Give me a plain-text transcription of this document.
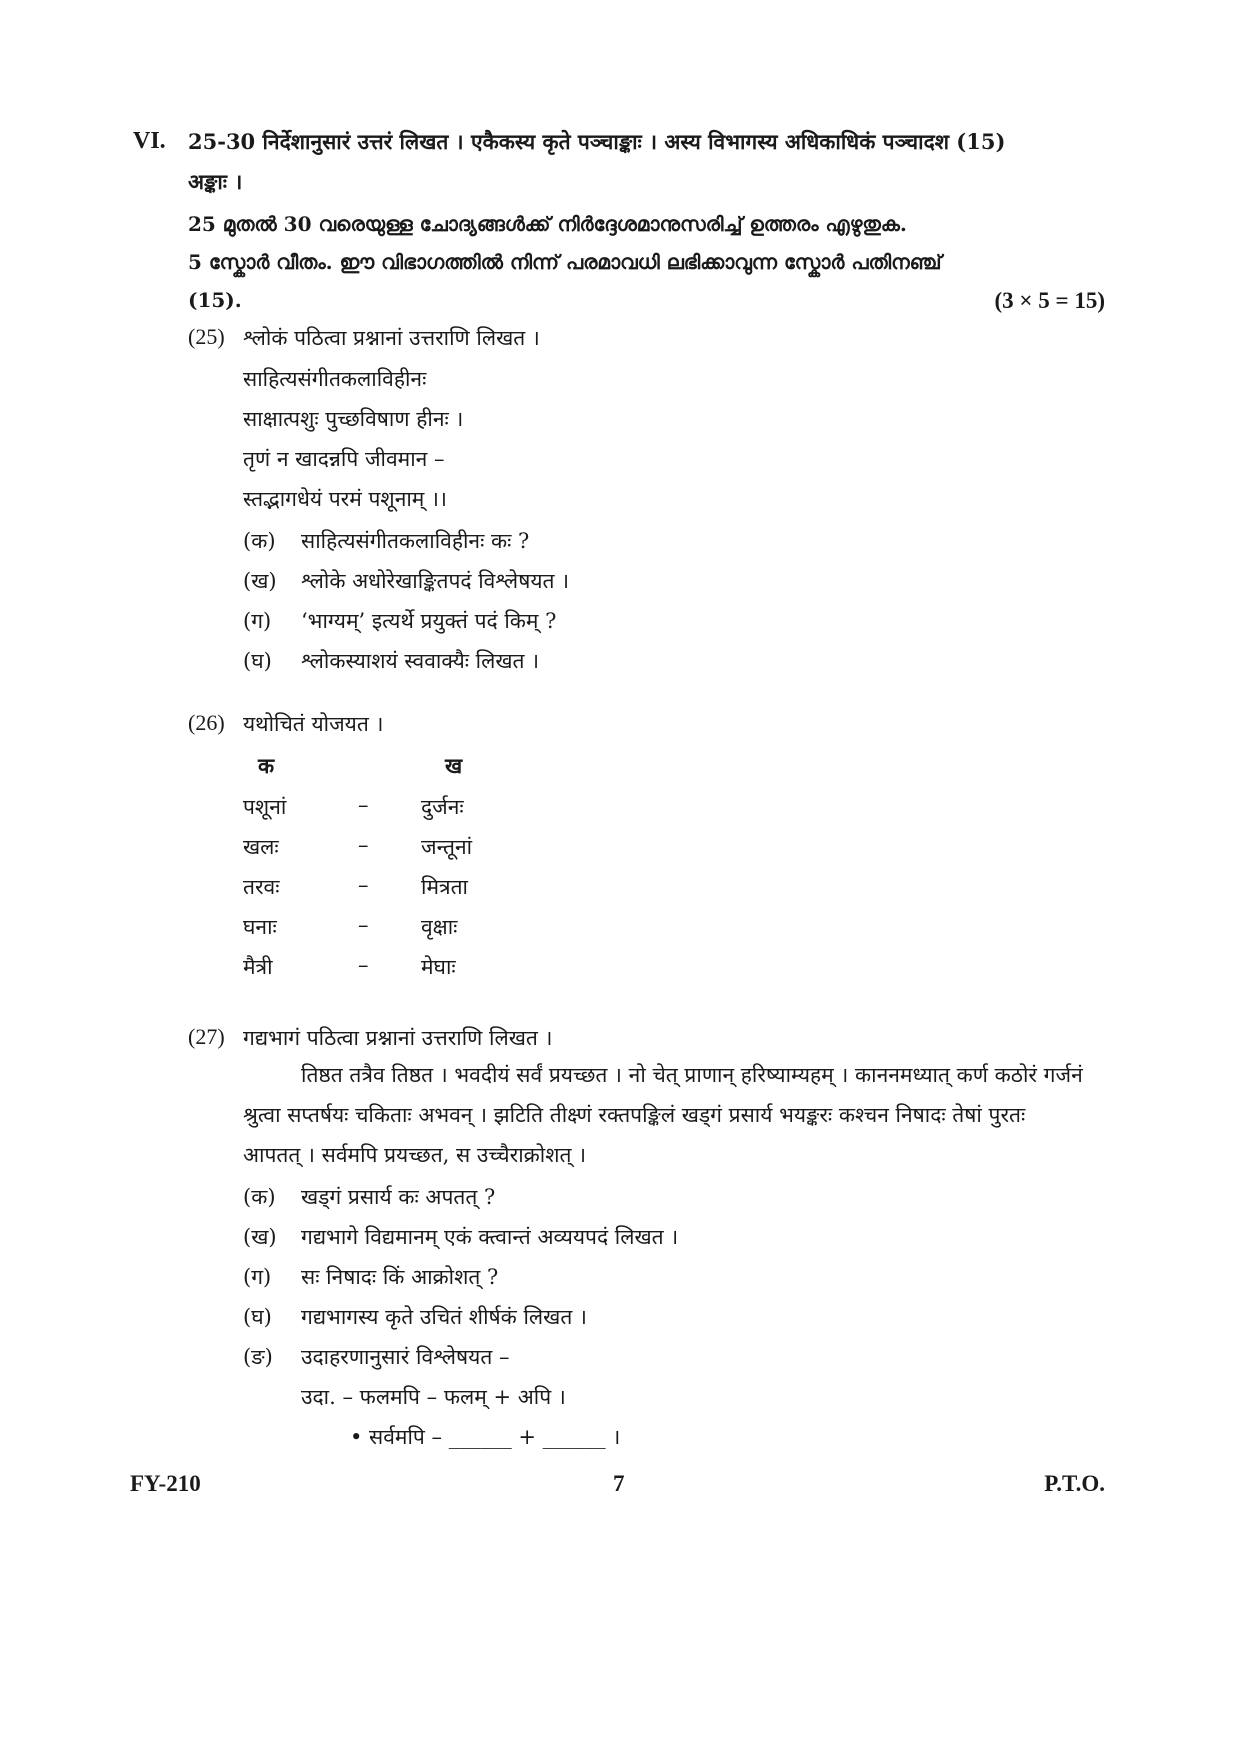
VI. 25-30 निर्देशानुसारं उत्तरं लिखत । एकैकस्य कृते पञ्चाङ्काः । अस्य विभागस्य अधिकाधिकं पञ्चादश (15)
अङ्काः ।
25 മുതൽ 30 വരെയുള്ള ചോദ്യങ്ങൾക്ക് നിർദ്ദേശമാനുസരിച്ച് ഉത്തരം എഴുതുക.
5 സ്കോർ വീതം. ഈ വിഭാഗത്തിൽ നിന്ന് പരമാവധി ലഭിക്കാവുന്ന സ്കോർ പതിനഞ്ച്
(15).	(3 × 5 = 15)
(25) श्लोकं पठित्वा प्रश्नानां उत्तराणि लिखत ।
साहित्यसंगीतकलाविहीनः
साक्षात्पशुः पुच्छविषाण हीनः ।
तृणं न खादन्नपि जीवमान –
स्तद्भागधेयं परमं पशूनाम् ।।
(क) साहित्यसंगीतकलाविहीनः कः ?
(ख) श्लोके अधोरेखाङ्कितपदं विश्लेषयत ।
(ग) ‘भाग्यम्’ इत्यर्थे प्रयुक्तं पदं किम् ?
(घ) श्लोकस्याशयं स्ववाक्यैः लिखत ।
(26) यथोचितं योजयत ।
क	ख
पशूनां	–	दुर्जनः
खलः	–	जन्तूनां
तरवः	–	मित्रता
घनाः	–	वृक्षाः
मैत्री	–	मेघाः
(27) गद्यभागं पठित्वा प्रश्नानां उत्तराणि लिखत ।

तिष्ठत तत्रैव तिष्ठत । भवदीयं सर्वं प्रयच्छत । नो चेत् प्राणान् हरिष्याम्यहम् । काननमध्यात् कर्ण कठोरं गर्जनं श्रुत्वा सप्तर्षयः चकिताः अभवन् । झटिति तीक्ष्णं रक्तपङ्किलं खड्गं प्रसार्य भयङ्करः कश्चन निषादः तेषां पुरतः आपतत् । सर्वमपि प्रयच्छत, स उच्चैराक्रोशत् ।

(क) खड्गं प्रसार्य कः अपतत् ?
(ख) गद्यभागे विद्यमानम् एकं क्त्वान्तं अव्ययपदं लिखत ।
(ग) सः निषादः किं आक्रोशत् ?
(घ) गद्यभागस्य कृते उचितं शीर्षकं लिखत ।
(ङ) उदाहरणानुसारं विश्लेषयत –
उदा. – फलमपि – फलम् + अपि ।
• सर्वमपि – ______ + ______ ।
FY-210	7	P.T.O.
